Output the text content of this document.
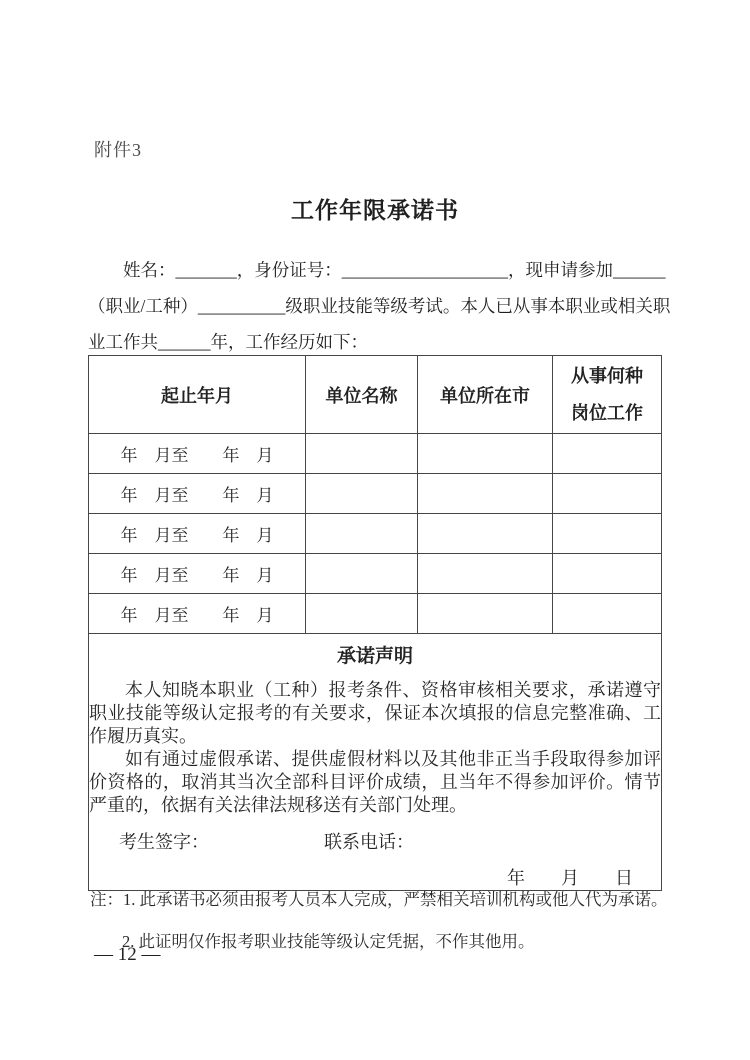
附件3
工作年限承诺书
姓名：_______，身份证号：___________________，现申请参加______
（职业/工种）__________级职业技能等级考试。本人已从事本职业或相关职
业工作共______年，工作经历如下：
起止年月	单位名称	单位所在市	从事何种
岗位工作

年　月至　　年　月			
年　月至　　年　月			
年　月至　　年　月			
年　月至　　年　月			
年　月至　　年　月			

承诺声明

本人知晓本职业（工种）报考条件、资格审核相关要求，承诺遵守职业技能等级认定报考的有关要求，保证本次填报的信息完整准确、工作履历真实。

如有通过虚假承诺、提供虚假材料以及其他非正当手段取得参加评价资格的，取消其当次全部科目评价成绩，且当年不得参加评价。情节严重的，依据有关法律法规移送有关部门处理。

考生签字：	联系电话：
年　　月　　日
注：1. 此承诺书必须由报考人员本人完成，严禁相关培训机构或他人代为承诺。
2. 此证明仅作报考职业技能等级认定凭据，不作其他用。
— 12 —
